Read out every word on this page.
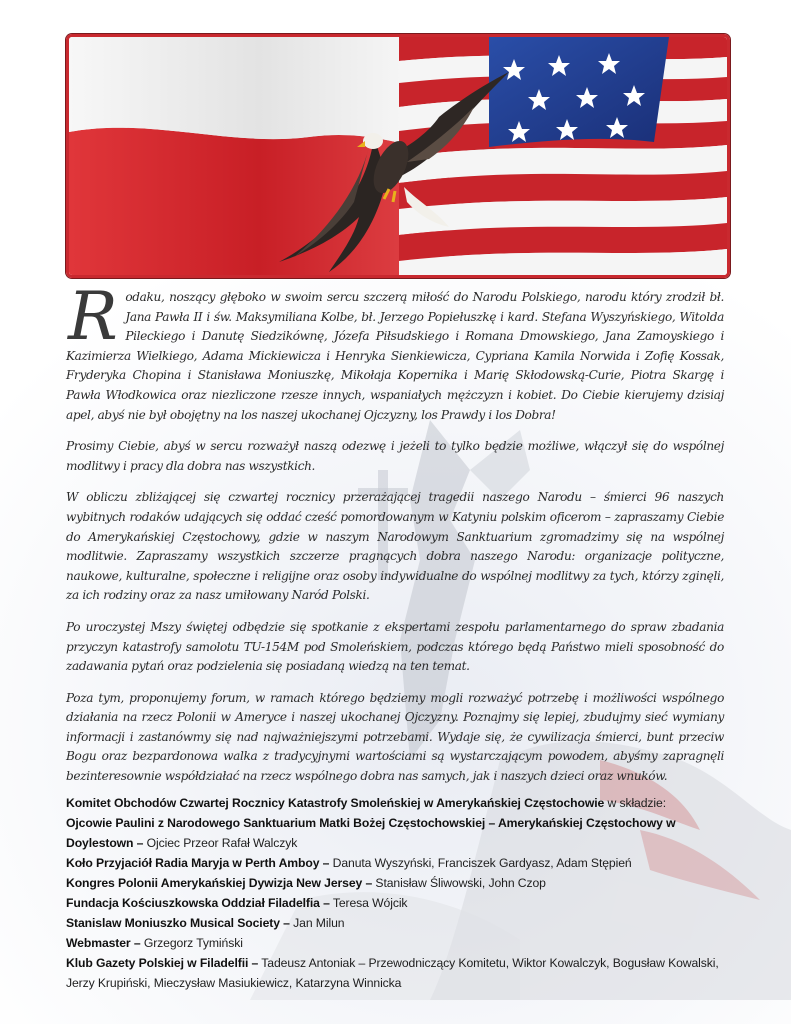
Rodaku, noszący głęboko w swoim sercu szczerą miłość do Narodu Polskiego, narodu który zrodził bł. Jana Pawła II i św. Maksymiliana Kolbe, bł. Jerzego Popiełuszkę i kard. Stefana Wyszyńskiego, Witolda Pileckiego i Danutę Siedzikównę, Józefa Piłsudskiego i Romana Dmowskiego, Jana Zamoyskiego i Kazimierza Wielkiego, Adama Mickiewicza i Henryka Sienkiewicza, Cypriana Kamila Norwida i Zofię Kossak, Fryderyka Chopina i Stanisława Moniuszkę, Mikołaja Kopernika i Marię Skłodowską-Curie, Piotra Skargę i Pawła Włodkowica oraz niezliczone rzesze innych, wspaniałych mężczyzn i kobiet. Do Ciebie kierujemy dzisiaj apel, abyś nie był obojętny na los naszej ukochanej Ojczyzny, los Prawdy i los Dobra!

Prosimy Ciebie, abyś w sercu rozważył naszą odezwę i jeżeli to tylko będzie możliwe, włączył się do wspólnej modlitwy i pracy dla dobra nas wszystkich.

W obliczu zbliżającej się czwartej rocznicy przerażającej tragedii naszego Narodu – śmierci 96 naszych wybitnych rodaków udających się oddać cześć pomordowanym w Katyniu polskim oficerom – zapraszamy Ciebie do Amerykańskiej Częstochowy, gdzie w naszym Narodowym Sanktuarium zgromadzimy się na wspólnej modlitwie. Zapraszamy wszystkich szczerze pragnących dobra naszego Narodu: organizacje polityczne, naukowe, kulturalne, społeczne i religijne oraz osoby indywidualne do wspólnej modlitwy za tych, którzy zginęli, za ich rodziny oraz za nasz umiłowany Naród Polski.

Po uroczystej Mszy świętej odbędzie się spotkanie z ekspertami zespołu parlamentarnego do spraw zbadania przyczyn katastrofy samolotu TU-154M pod Smoleńskiem, podczas którego będą Państwo mieli sposobność do zadawania pytań oraz podzielenia się posiadaną wiedzą na ten temat.

Poza tym, proponujemy forum, w ramach którego będziemy mogli rozważyć potrzebę i możliwości wspólnego działania na rzecz Polonii w Ameryce i naszej ukochanej Ojczyzny. Poznajmy się lepiej, zbudujmy sieć wymiany informacji i zastanówmy się nad najważniejszymi potrzebami. Wydaje się, że cywilizacja śmierci, bunt przeciw Bogu oraz bezpardonowa walka z tradycyjnymi wartościami są wystarczającym powodem, abyśmy zapragnęli bezinteresownie współdziałać na rzecz wspólnego dobra nas samych, jak i naszych dzieci oraz wnuków.

Komitet Obchodów Czwartej Rocznicy Katastrofy Smoleńskiej w Amerykańskiej Częstochowie w składzie:
Ojcowie Paulini z Narodowego Sanktuarium Matki Bożej Częstochowskiej – Amerykańskiej Częstochowy w Doylestown – Ojciec Przeor Rafał Walczyk
Koło Przyjaciół Radia Maryja w Perth Amboy – Danuta Wyszyński, Franciszek Gardyasz, Adam Stępień
Kongres Polonii Amerykańskiej Dywizja New Jersey – Stanisław Śliwowski, John Czop
Fundacja Kościuszkowska Oddział Filadelfia – Teresa Wójcik
Stanislaw Moniuszko Musical Society – Jan Milun
Webmaster – Grzegorz Tymiński
Klub Gazety Polskiej w Filadelfii – Tadeusz Antoniak – Przewodniczący Komitetu, Wiktor Kowalczyk, Bogusław Kowalski, Jerzy Krupiński, Mieczysław Masiukiewicz, Katarzyna Winnicka
